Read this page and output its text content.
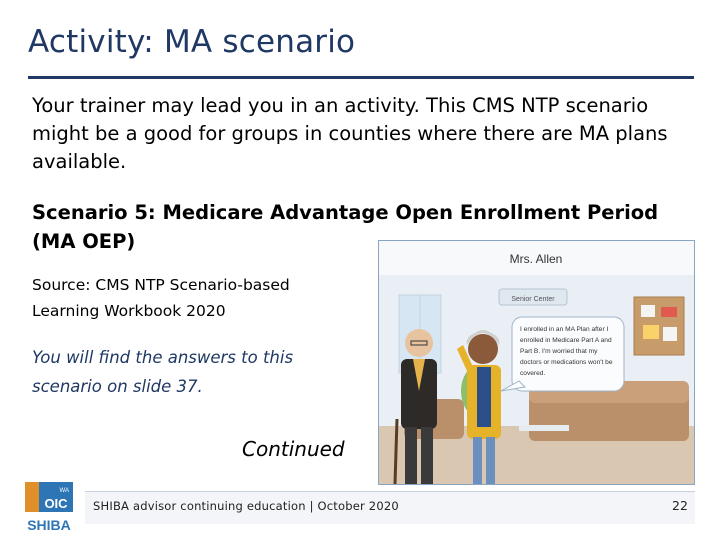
Activity: MA scenario
Your trainer may lead you in an activity. This CMS NTP scenario might be a good for groups in counties where there are MA plans available.
Scenario 5: Medicare Advantage Open Enrollment Period (MA OEP)
Source: CMS NTP Scenario-based Learning Workbook 2020
You will find the answers to this scenario on slide 37.
Continued
Mrs. Allen
Senior Center
I enrolled in an MA Plan after I enrolled in Medicare Part A and Part B. I'm worried that my doctors or medications won't be covered.
SHIBA advisor continuing education | October 2020	22
WA
OIC
SHIBA
